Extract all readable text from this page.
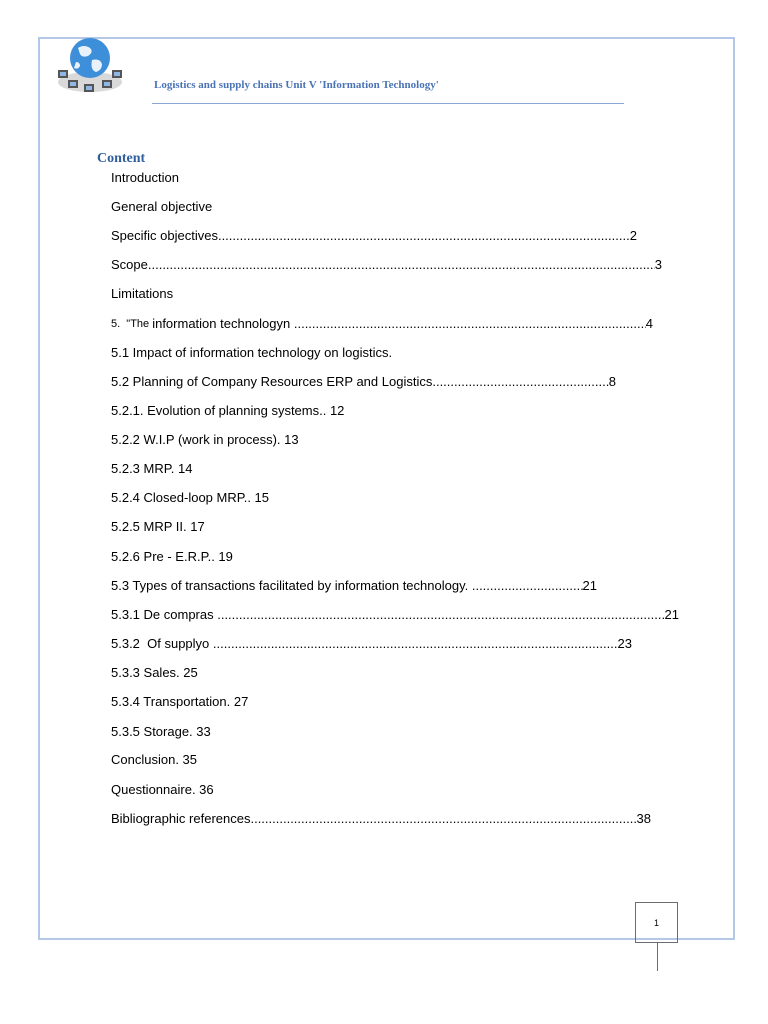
Logistics and supply chains Unit V 'Information Technology'
Content
Introduction
General objective
Specific objectives .....	2
Scope .....	3
Limitations
5.  "The information technologyn .....	4
5.1 Impact of information technology on logistics.
5.2 Planning of Company Resources ERP and Logistics .....	8
5.2.1. Evolution of planning systems.. 12
5.2.2 W.I.P (work in process). 13
5.2.3 MRP. 14
5.2.4 Closed-loop MRP.. 15
5.2.5 MRP II. 17
5.2.6 Pre - E.R.P.. 19
5.3 Types of transactions facilitated by information technology. .....	21
5.3.1 De compras .....	21
5.3.2  Of supplyo .....	23
5.3.3 Sales. 25
5.3.4 Transportation. 27
5.3.5 Storage. 33
Conclusion. 35
Questionnaire. 36
Bibliographic references .....	38
1
